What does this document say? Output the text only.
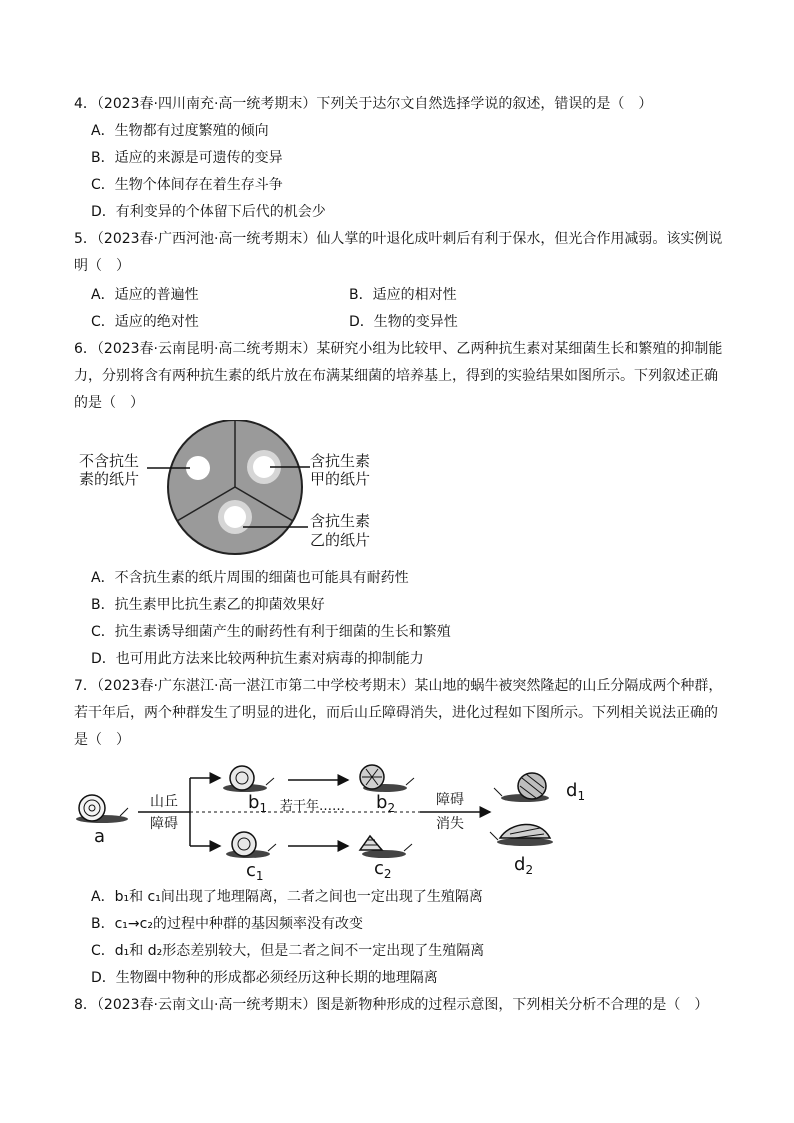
4．（2023春·四川南充·高一统考期末）下列关于达尔文自然选择学说的叙述，错误的是（　）
A．生物都有过度繁殖的倾向
B．适应的来源是可遗传的变异
C．生物个体间存在着生存斗争
D．有利变异的个体留下后代的机会少
5．（2023春·广西河池·高一统考期末）仙人掌的叶退化成叶刺后有利于保水，但光合作用减弱。该实例说
明（　）
A．适应的普遍性	B．适应的相对性
C．适应的绝对性	D．生物的变异性
6．（2023春·云南昆明·高二统考期末）某研究小组为比较甲、乙两种抗生素对某细菌生长和繁殖的抑制能
力，分别将含有两种抗生素的纸片放在布满某细菌的培养基上，得到的实验结果如图所示。下列叙述正确
的是（　）
不含抗生
素的纸片
含抗生素
甲的纸片
含抗生素
乙的纸片
A．不含抗生素的纸片周围的细菌也可能具有耐药性
B．抗生素甲比抗生素乙的抑菌效果好
C．抗生素诱导细菌产生的耐药性有利于细菌的生长和繁殖
D．也可用此方法来比较两种抗生素对病毒的抑制能力
7．（2023春·广东湛江·高一湛江市第二中学校考期末）某山地的蜗牛被突然隆起的山丘分隔成两个种群，
若干年后，两个种群发生了明显的进化，而后山丘障碍消失，进化过程如下图所示。下列相关说法正确的
是（　）
a
山丘
障碍
$b_1$ 若干年…… $b_2$
$c_1$	$c_2$
障碍
消失
$d_1$
$d_2$
A．b₁和 c₁间出现了地理隔离，二者之间也一定出现了生殖隔离
B．c₁→c₂的过程中种群的基因频率没有改变
C．d₁和 d₂形态差别较大，但是二者之间不一定出现了生殖隔离
D．生物圈中物种的形成都必须经历这种长期的地理隔离
8．（2023春·云南文山·高一统考期末）图是新物种形成的过程示意图，下列相关分析不合理的是（　）
